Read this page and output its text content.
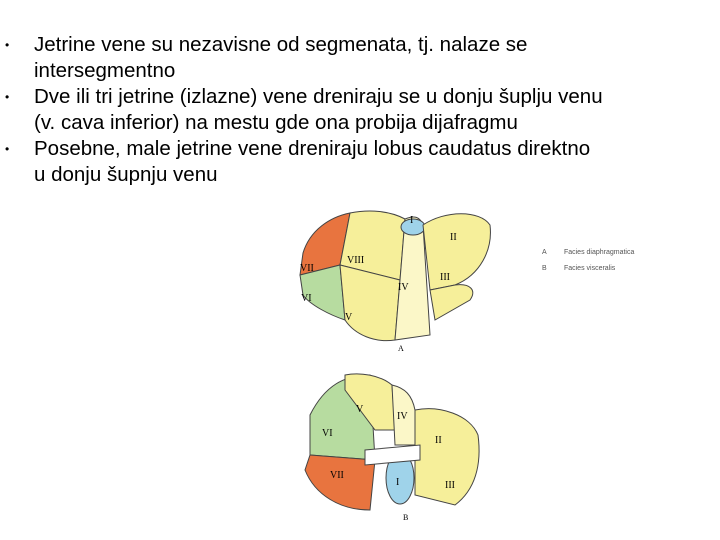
• Jetrine vene su nezavisne od segmenata, tj. nalaze se
intersegmentno
• Dve ili tri jetrine (izlazne) vene dreniraju se u donju šuplju venu
(v. cava inferior) na mestu gde ona probija dijafragmu
• Posebne, male jetrine vene dreniraju lobus caudatus direktno
u donju šupnju venu
I
II
III
IV
V
VI
VII
VIII
A
I
II
III
IV
V
VI
VII
B
A Facies diaphragmatica
B Facies visceralis
